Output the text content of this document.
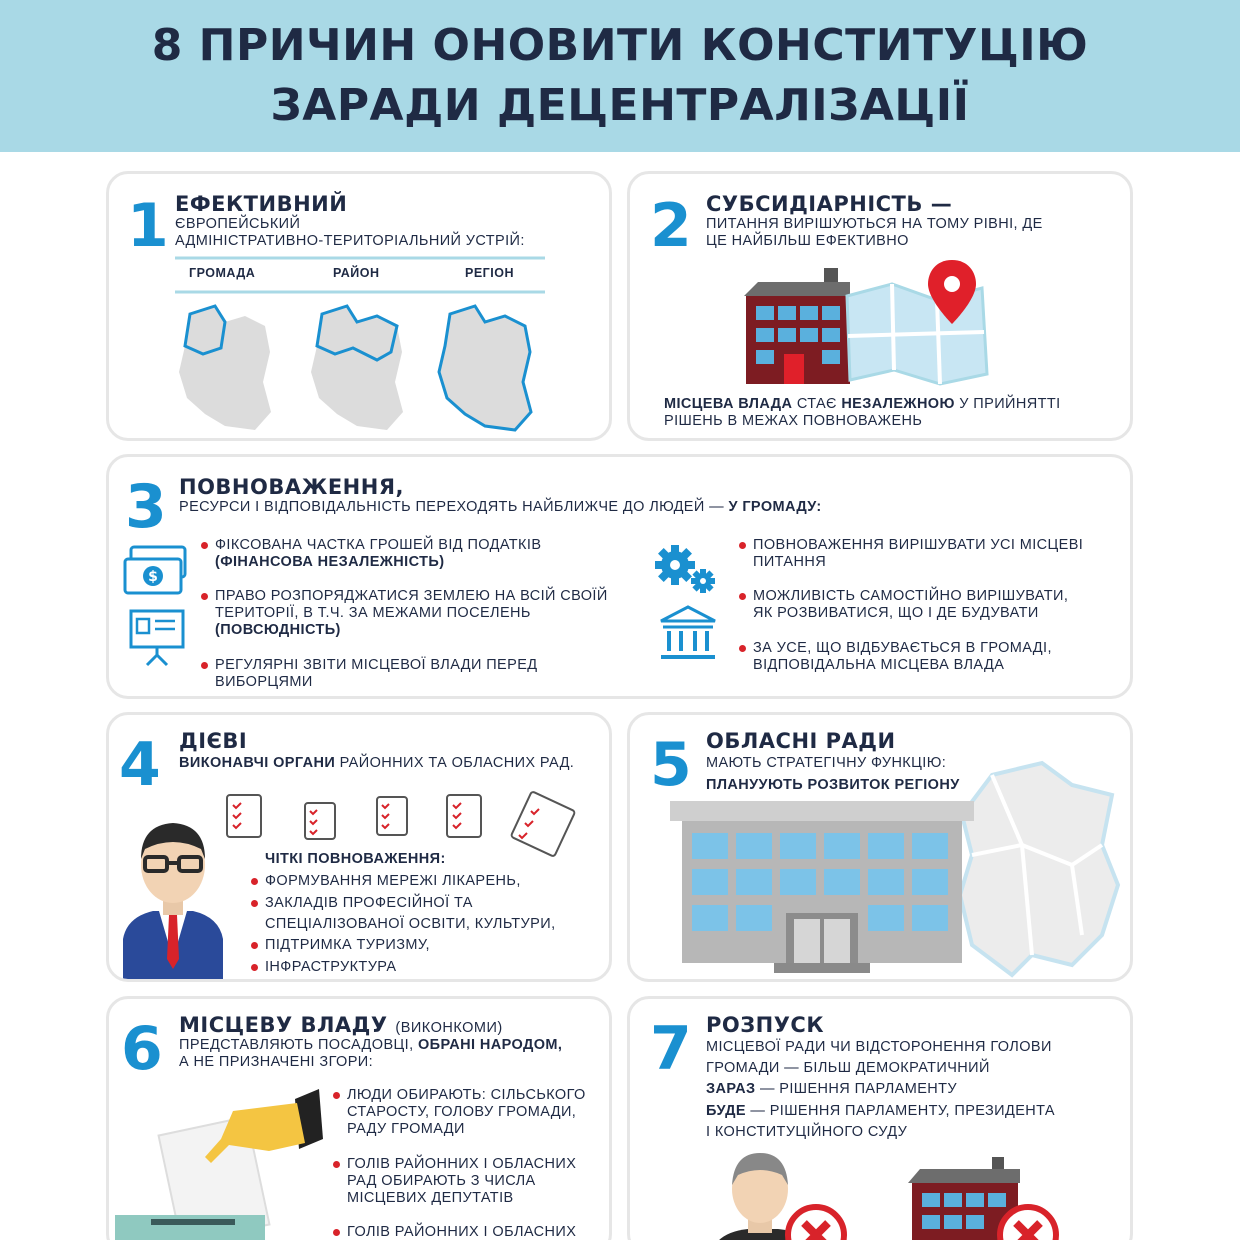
8 ПРИЧИН ОНОВИТИ КОНСТИТУЦІЮ
ЗАРАДИ ДЕЦЕНТРАЛІЗАЦІЇ
1 ЕФЕКТИВНИЙ
ЄВРОПЕЙСЬКИЙ
АДМІНІСТРАТИВНО-ТЕРИТОРІАЛЬНИЙ УСТРІЙ:
ГРОМАДА	РАЙОН	РЕГІОН
2 СУБСИДІАРНІСТЬ —
ПИТАННЯ ВИРІШУЮТЬСЯ НА ТОМУ РІВНІ, ДЕ
ЦЕ НАЙБІЛЬШ ЕФЕКТИВНО
МІСЦЕВА ВЛАДА СТАЄ НЕЗАЛЕЖНОЮ У ПРИЙНЯТТІ
РІШЕНЬ В МЕЖАХ ПОВНОВАЖЕНЬ
3 ПОВНОВАЖЕННЯ,
РЕСУРСИ І ВІДПОВІДАЛЬНІСТЬ ПЕРЕХОДЯТЬ НАЙБЛИЖЧЕ ДО ЛЮДЕЙ — У ГРОМАДУ:
$
ФІКСОВАНА ЧАСТКА ГРОШЕЙ ВІД ПОДАТКІВ
(ФІНАНСОВА НЕЗАЛЕЖНІСТЬ)
ПРАВО РОЗПОРЯДЖАТИСЯ ЗЕМЛЕЮ НА ВСІЙ СВОЇЙ
ТЕРИТОРІЇ, В Т.Ч. ЗА МЕЖАМИ ПОСЕЛЕНЬ
(ПОВСЮДНІСТЬ)
РЕГУЛЯРНІ ЗВІТИ МІСЦЕВОЇ ВЛАДИ ПЕРЕД
ВИБОРЦЯМИ
ПОВНОВАЖЕННЯ ВИРІШУВАТИ УСІ МІСЦЕВІ
ПИТАННЯ
МОЖЛИВІСТЬ САМОСТІЙНО ВИРІШУВАТИ,
ЯК РОЗВИВАТИСЯ, ЩО І ДЕ БУДУВАТИ
ЗА УСЕ, ЩО ВІДБУВАЄТЬСЯ В ГРОМАДІ,
ВІДПОВІДАЛЬНА МІСЦЕВА ВЛАДА
4 ДІЄВІ
ВИКОНАВЧІ ОРГАНИ РАЙОННИХ ТА ОБЛАСНИХ РАД.
ЧІТКІ ПОВНОВАЖЕННЯ:
ФОРМУВАННЯ МЕРЕЖІ ЛІКАРЕНЬ,
ЗАКЛАДІВ ПРОФЕСІЙНОЇ ТА
СПЕЦІАЛІЗОВАНОЇ ОСВІТИ, КУЛЬТУРИ,
ПІДТРИМКА ТУРИЗМУ,
ІНФРАСТРУКТУРА
5 ОБЛАСНІ РАДИ
МАЮТЬ СТРАТЕГІЧНУ ФУНКЦІЮ:
ПЛАНУУЮТЬ РОЗВИТОК РЕГІОНУ
6 МІСЦЕВУ ВЛАДУ (ВИКОНКОМИ)
ПРЕДСТАВЛЯЮТЬ ПОСАДОВЦІ, ОБРАНІ НАРОДОМ,
А НЕ ПРИЗНАЧЕНІ ЗГОРИ:
ЛЮДИ ОБИРАЮТЬ: СІЛЬСЬКОГО
СТАРОСТУ, ГОЛОВУ ГРОМАДИ,
РАДУ ГРОМАДИ
ГОЛІВ РАЙОННИХ І ОБЛАСНИХ
РАД ОБИРАЮТЬ З ЧИСЛА
МІСЦЕВИХ ДЕПУТАТІВ
ГОЛІВ РАЙОННИХ І ОБЛАСНИХ
7 РОЗПУСК
МІСЦЕВОЇ РАДИ ЧИ ВІДСТОРОНЕННЯ ГОЛОВИ
ГРОМАДИ — БІЛЬШ ДЕМОКРАТИЧНИЙ
ЗАРАЗ — РІШЕННЯ ПАРЛАМЕНТУ
БУДЕ — РІШЕННЯ ПАРЛАМЕНТУ, ПРЕЗИДЕНТА
І КОНСТИТУЦІЙНОГО СУДУ
